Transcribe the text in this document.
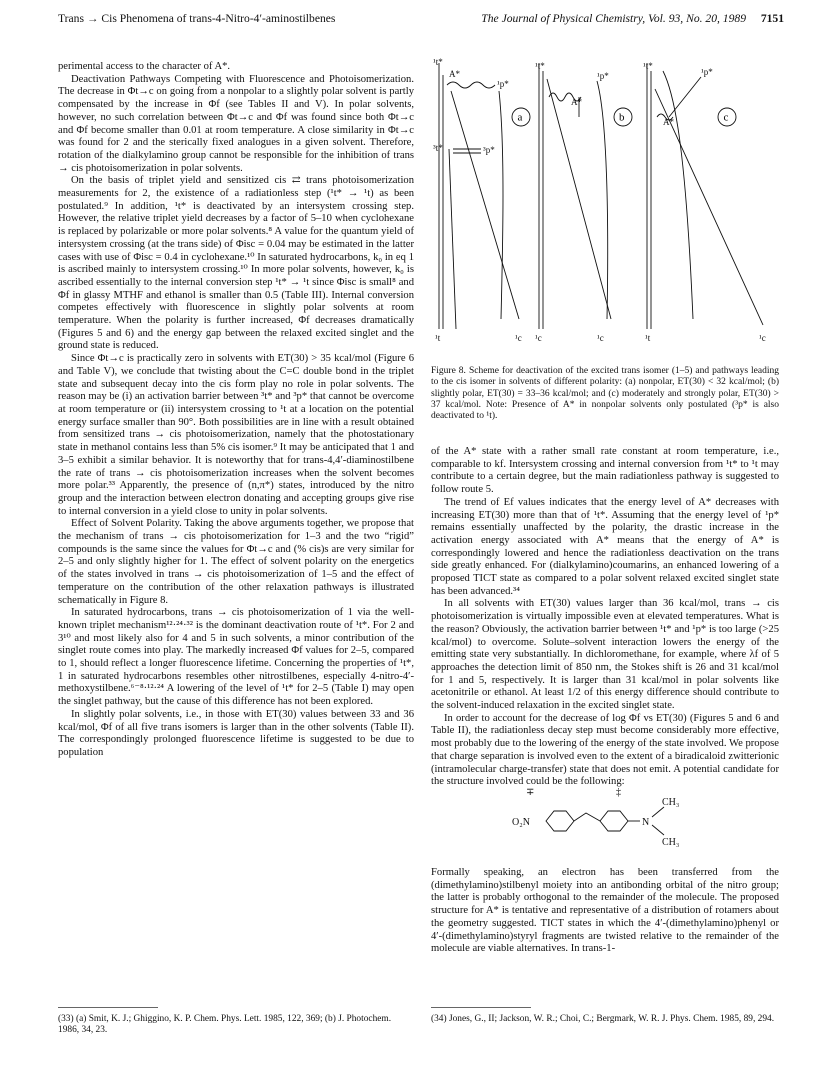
Trans → Cis Phenomena of trans-4-Nitro-4′-aminostilbenes	The Journal of Physical Chemistry, Vol. 93, No. 20, 1989 7151

perimental access to the character of A*.

Deactivation Pathways Competing with Fluorescence and Photoisomerization. The decrease in Φt→c on going from a nonpolar to a slightly polar solvent is partly compensated by the increase in Φf (see Tables II and V). In polar solvents, however, no such correlation between Φt→c and Φf was found since both Φt→c and Φf become smaller than 0.01 at room temperature. A close similarity in Φt→c was found for 2 and the sterically fixed analogues in a given solvent. Therefore, rotation of the dialkylamino group cannot be responsible for the inhibition of trans → cis photoisomerization in polar solvents.

On the basis of triplet yield and sensitized cis ⇄ trans photoisomerization measurements for 2, the existence of a radiationless step (¹t* → ¹t) as been postulated.⁹ In addition, ¹t* is deactivated by an intersystem crossing step. However, the relative triplet yield decreases by a factor of 5–10 when cyclohexane is replaced by polarizable or more polar solvents.⁸ A value for the quantum yield of intersystem crossing (at the trans side) of Φisc = 0.04 may be estimated in the latter cases with use of Φisc = 0.4 in cyclohexane.¹⁰ In saturated hydrocarbons, k₀ in eq 1 is ascribed mainly to intersystem crossing.¹⁰ In more polar solvents, however, k₀ is ascribed essentially to the internal conversion step ¹t* → ¹t since Φisc is small⁸ and Φf in glassy MTHF and ethanol is smaller than 0.5 (Table III). Internal conversion competes effectively with fluorescence in slightly polar solvents at room temperature. When the polarity is further increased, Φf decreases dramatically (Figures 5 and 6) and the energy gap between the relaxed excited singlet and the ground state is reduced.

Since Φt→c is practically zero in solvents with ET(30) > 35 kcal/mol (Figure 6 and Table V), we conclude that twisting about the C=C double bond in the triplet state and subsequent decay into the cis form play no role in polar solvents. The reason may be (i) an activation barrier between ³t* and ³p* that cannot be overcome at room temperature or (ii) intersystem crossing to ¹t at a location on the potential energy surface smaller than 90°. Both possibilities are in line with a result obtained from sensitized trans → cis photoisomerization, namely that the photostationary state in methanol contains less than 5% cis isomer.⁹ It may be anticipated that 1 and 3–5 exhibit a similar behavior. It is noteworthy that for trans-4,4′-diaminostilbene the rate of trans → cis photoisomerization increases when the solvent becomes more polar.³³ Apparently, the presence of (n,π*) states, introduced by the nitro group and the interaction between electron donating and accepting groups give rise to internal conversion in a yield close to unity in polar solvents.

Effect of Solvent Polarity. Taking the above arguments together, we propose that the mechanism of trans → cis photoisomerization for 1–3 and the two “rigid” compounds is the same since the values for Φt→c and (% cis)s are very similar for 2–5 and only slightly higher for 1. The effect of solvent polarity on the energetics of the states involved in trans → cis photoisomerization of 1–5 and the effect of temperature on the contribution of the other relaxation pathways is illustrated schematically in Figure 8.

In saturated hydrocarbons, trans → cis photoisomerization of 1 via the well-known triplet mechanism¹²·²⁴·³² is the dominant deactivation route of ¹t*. For 2 and 3¹⁰ and most likely also for 4 and 5 in such solvents, a minor contribution of the singlet route comes into play. The markedly increased Φf values for 2–5, compared to 1, should reflect a longer fluorescence lifetime. Concerning the properties of ¹t*, 1 in saturated hydrocarbons resembles other nitrostilbenes, especially 4-nitro-4′-methoxystilbene.⁶⁻⁸·¹²·²⁴ A lowering of the level of ¹t* for 2–5 (Table I) may open the singlet pathway, but the cause of this difference has not been explored.

In slightly polar solvents, i.e., in those with ET(30) values between 33 and 36 kcal/mol, Φf of all five trans isomers is larger than in the other solvents (Table II). The correspondingly prolonged fluorescence lifetime is suggested to be due to population

¹t*
A*
¹p*
³t*	³p*
¹t	¹c
¹t*
A*
¹p*
¹c	¹c
¹t*
A*
¹p*
¹t	¹c
a	b	c
Figure 8. Scheme for deactivation of the excited trans isomer (1–5) and pathways leading to the cis isomer in solvents of different polarity: (a) nonpolar, ET(30) < 32 kcal/mol; (b) slightly polar, ET(30) = 33–36 kcal/mol; and (c) moderately and strongly polar, ET(30) > 37 kcal/mol. Note: Presence of A* in nonpolar solvents only postulated (³p* is also deactivated to ¹t).

of the A* state with a rather small rate constant at room temperature, i.e., comparable to kf. Intersystem crossing and internal conversion from ¹t* to ¹t may contribute to a certain degree, but the main radiationless pathway is suggested to follow route 5.

The trend of Ef values indicates that the energy level of A* decreases with increasing ET(30) more than that of ¹t*. Assuming that the energy level of ¹p* remains essentially unaffected by the polarity, the drastic increase in the activation energy associated with A* means that the energy of A* is correspondingly lowered and hence the radiationless deactivation on the trans side greatly enhanced. For (dialkylamino)coumarins, an enhanced lowering of a proposed TICT state as compared to a polar solvent relaxed excited singlet state has been advanced.³⁴

In all solvents with ET(30) values larger than 36 kcal/mol, trans → cis photoisomerization is virtually impossible even at elevated temperatures. What is the reason? Obviously, the activation barrier between ¹t* and ¹p* is too large (>25 kcal/mol) to overcome. Solute–solvent interaction lowers the energy of the emitting state very substantially. In dichloromethane, for example, where λf of 5 approaches the detection limit of 850 nm, the Stokes shift is 26 and 31 kcal/mol for 1 and 5, respectively. It is larger than 31 kcal/mol in polar solvents like acetonitrile or ethanol. At least 1/2 of this energy difference should contribute to the solvent-induced relaxation in the excited singlet state.

In order to account for the decrease of log Φf vs ET(30) (Figures 5 and 6 and Table II), the radiationless decay step must become considerably more effective, most probably due to the lowering of the energy of the state involved. We propose that charge separation is involved even to the extent of a biradicaloid zwitterionic (intramolecular charge-transfer) state that does not emit. A potential candidate for the structure involved could be the following:

∓	‡
O₂N	N
CH₃
CH₃

Formally speaking, an electron has been transferred from the (dimethylamino)stilbenyl moiety into an antibonding orbital of the nitro group; the latter is probably orthogonal to the remainder of the molecule. The proposed structure for A* is tentative and representative of a distribution of rotamers about the geometry suggested. TICT states in which the 4′-(dimethylamino)phenyl or 4′-(dimethylamino)styryl fragments are twisted relative to the remainder of the molecule are viable alternatives. In trans-1-

(33) (a) Smit, K. J.; Ghiggino, K. P. Chem. Phys. Lett. 1985, 122, 369; (b) J. Photochem. 1986, 34, 23.
(34) Jones, G., II; Jackson, W. R.; Choi, C.; Bergmark, W. R. J. Phys. Chem. 1985, 89, 294.
